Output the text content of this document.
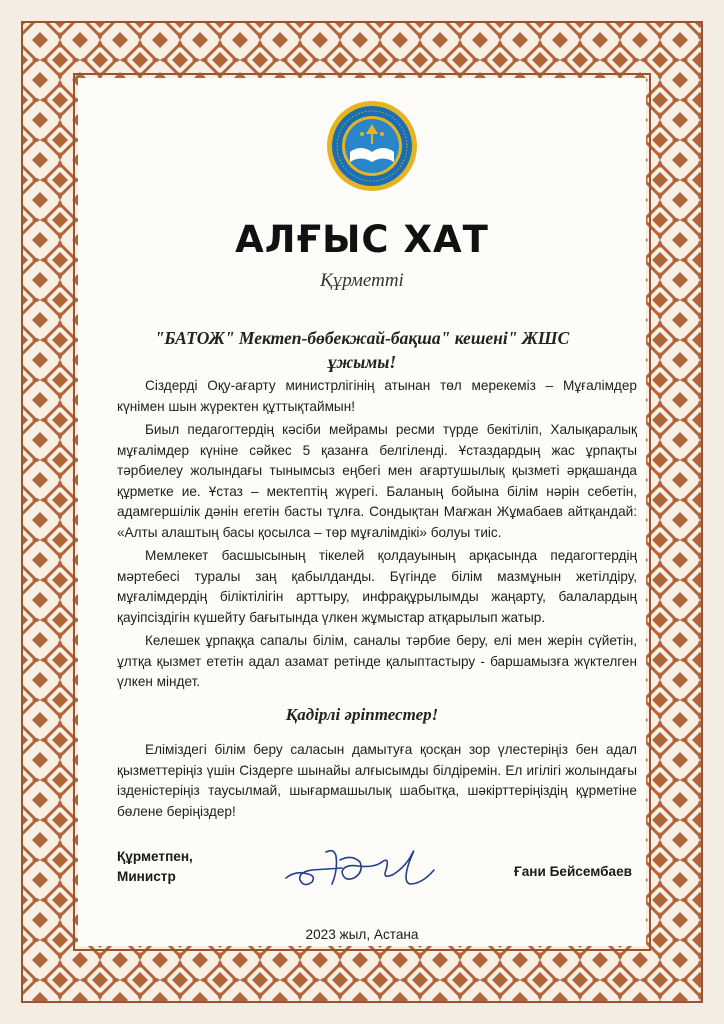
АЛҒЫС ХАТ
Құрметті
"БАТОЖ" Мектеп-бөбекжай-бақша" кешені" ЖШС
ұжымы!

Сіздерді Оқу-ағарту министрлігінің атынан төл мерекеміз – Мұғалімдер күнімен шын жүректен құттықтаймын!

Биыл педагогтердің кәсіби мейрамы ресми түрде бекітіліп, Халықаралық мұғалімдер күніне сәйкес 5 қазанға белгіленді. Ұстаздардың жас ұрпақты тәрбиелеу жолындағы тынымсыз еңбегі мен ағартушылық қызметі әрқашанда құрметке ие. Ұстаз – мектептің жүрегі. Баланың бойына білім нәрін себетін, адамгершілік дәнін егетін басты тұлға. Сондықтан Мағжан Жұмабаев айтқандай: «Алты алаштың басы қосылса – төр мұғалімдікі» болуы тиіс.

Мемлекет басшысының тікелей қолдауының арқасында педагогтердің мәртебесі туралы заң қабылданды. Бүгінде білім мазмұнын жетілдіру, мұғалімдердің біліктілігін арттыру, инфрақұрылымды жаңарту, балалардың қауіпсіздігін күшейту бағытында үлкен жұмыстар атқарылып жатыр.

Келешек ұрпаққа сапалы білім, саналы тәрбие беру, елі мен жерін сүйетін, ұлтқа қызмет ететін адал азамат ретінде қалыптастыру - баршамызға жүктелген үлкен міндет.

Қадірлі әріптестер!

Еліміздегі білім беру саласын дамытуға қосқан зор үлестеріңіз бен адал қызметтеріңіз үшін Сіздерге шынайы алғысымды білдіремін. Ел игілігі жолындағы ізденістеріңіз таусылмай, шығармашылық шабытқа, шәкірттеріңіздің құрметіне бөлене беріңіздер!

Құрметпен,
Министр	Ғани Бейсембаев
2023 жыл, Астана
